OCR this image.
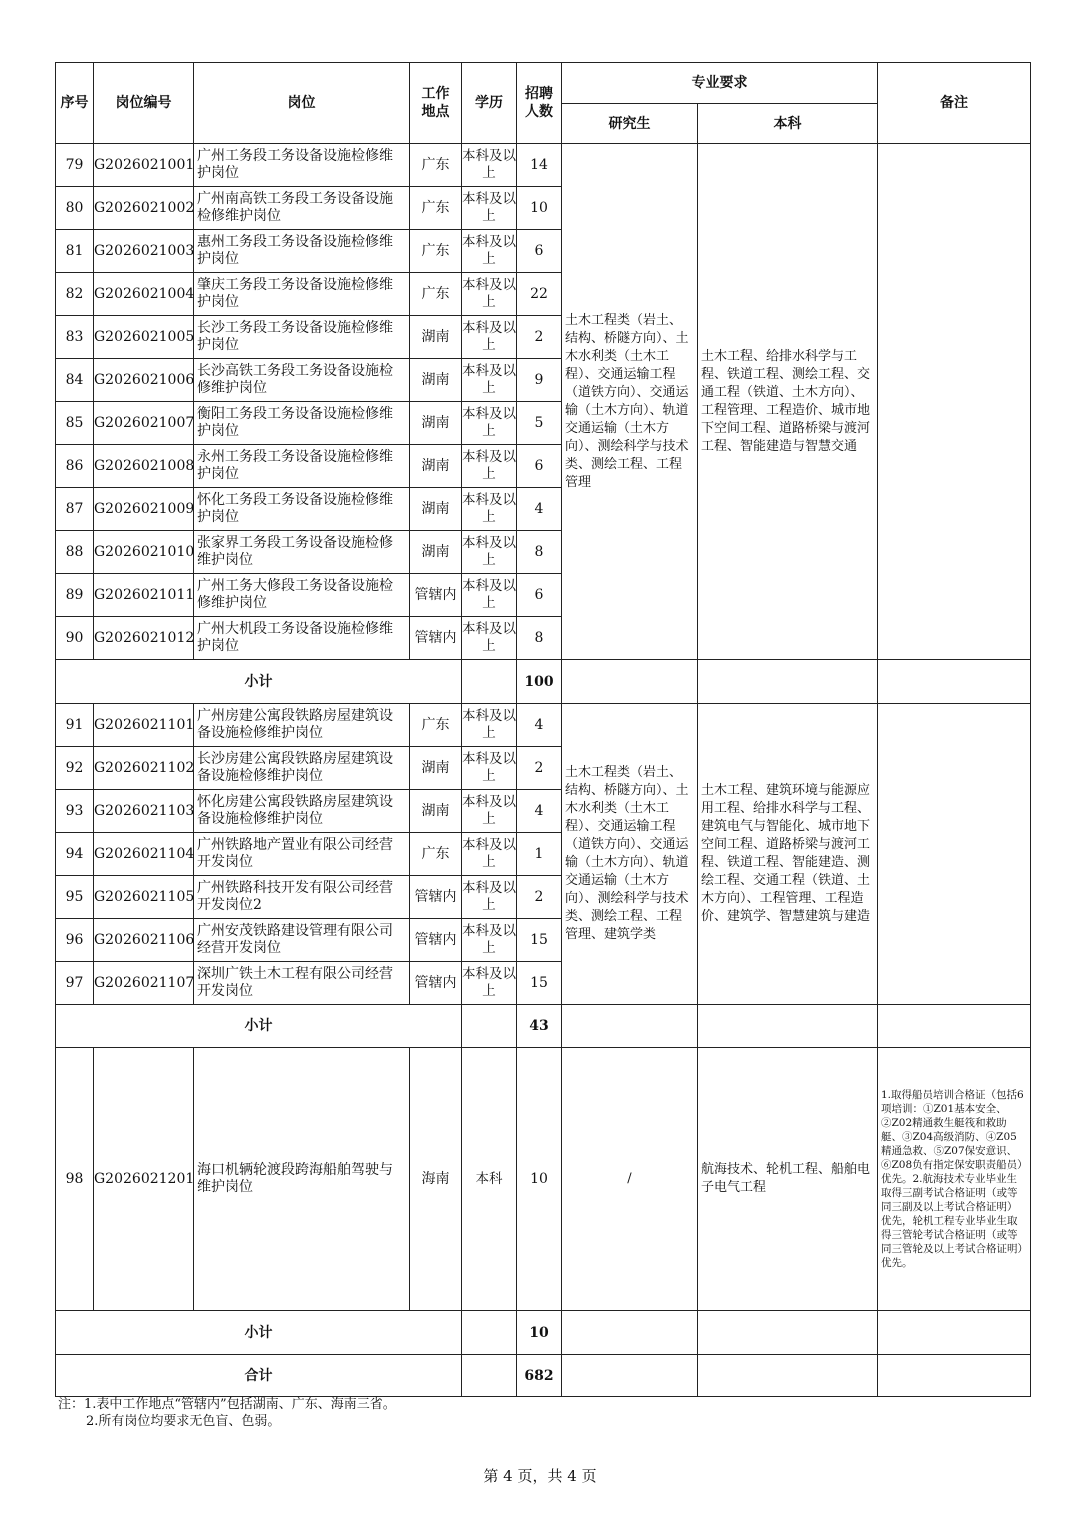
序号	岗位编号	岗位	工作地点	学历	招聘人数	专业要求		备注
						研究生	本科	
79	G2026021001	广州工务段工务设备设施检修维护岗位	广东	本科及以上	14	土木工程类（岩土、结构、桥隧方向）、土木水利类（土木工程）、交通运输工程（道铁方向）、交通运输（土木方向）、轨道交通运输（土木方向）、测绘科学与技术类、测绘工程、工程管理	土木工程、给排水科学与工程、铁道工程、测绘工程、交通工程（铁道、土木方向）、工程管理、工程造价、城市地下空间工程、道路桥梁与渡河工程、智能建造与智慧交通	
80	G2026021002	广州南高铁工务段工务设备设施检修维护岗位	广东	本科及以上	10			
81	G2026021003	惠州工务段工务设备设施检修维护岗位	广东	本科及以上	6			
82	G2026021004	肇庆工务段工务设备设施检修维护岗位	广东	本科及以上	22			
83	G2026021005	长沙工务段工务设备设施检修维护岗位	湖南	本科及以上	2			
84	G2026021006	长沙高铁工务段工务设备设施检修维护岗位	湖南	本科及以上	9			
85	G2026021007	衡阳工务段工务设备设施检修维护岗位	湖南	本科及以上	5			
86	G2026021008	永州工务段工务设备设施检修维护岗位	湖南	本科及以上	6			
87	G2026021009	怀化工务段工务设备设施检修维护岗位	湖南	本科及以上	4			
88	G2026021010	张家界工务段工务设备设施检修维护岗位	湖南	本科及以上	8			
89	G2026021011	广州工务大修段工务设备设施检修维护岗位	管辖内	本科及以上	6			
90	G2026021012	广州大机段工务设备设施检修维护岗位	管辖内	本科及以上	8			
小计					100			
91	G2026021101	广州房建公寓段铁路房屋建筑设备设施检修维护岗位	广东	本科及以上	4	土木工程类（岩土、结构、桥隧方向）、土木水利类（土木工程）、交通运输工程（道铁方向）、交通运输（土木方向）、轨道交通运输（土木方向）、测绘科学与技术类、测绘工程、工程管理、建筑学类	土木工程、建筑环境与能源应用工程、给排水科学与工程、建筑电气与智能化、城市地下空间工程、道路桥梁与渡河工程、铁道工程、智能建造、测绘工程、交通工程（铁道、土木方向）、工程管理、工程造价、建筑学、智慧建筑与建造	
92	G2026021102	长沙房建公寓段铁路房屋建筑设备设施检修维护岗位	湖南	本科及以上	2			
93	G2026021103	怀化房建公寓段铁路房屋建筑设备设施检修维护岗位	湖南	本科及以上	4			
94	G2026021104	广州铁路地产置业有限公司经营开发岗位	广东	本科及以上	1			
95	G2026021105	广州铁路科技开发有限公司经营开发岗位2	管辖内	本科及以上	2			
96	G2026021106	广州安茂铁路建设管理有限公司经营开发岗位	管辖内	本科及以上	15			
97	G2026021107	深圳广铁土木工程有限公司经营开发岗位	管辖内	本科及以上	15			
小计					43			
98	G2026021201	海口机辆轮渡段跨海船舶驾驶与维护岗位	海南	本科	10	/	航海技术、轮机工程、船舶电子电气工程	1.取得船员培训合格证（包括6项培训：①Z01基本安全、②Z02精通救生艇筏和救助艇、③Z04高级消防、④Z05精通急救、⑤Z07保安意识、⑥Z08负有指定保安职责船员）优先。2.航海技术专业毕业生取得三副考试合格证明（或等同三副及以上考试合格证明）优先，轮机工程专业毕业生取得三管轮考试合格证明（或等同三管轮及以上考试合格证明）优先。
小计					10			
合计					682			
注：1.表中工作地点“管辖内”包括湖南、广东、海南三省。
2.所有岗位均要求无色盲、色弱。
第 4 页，共 4 页
